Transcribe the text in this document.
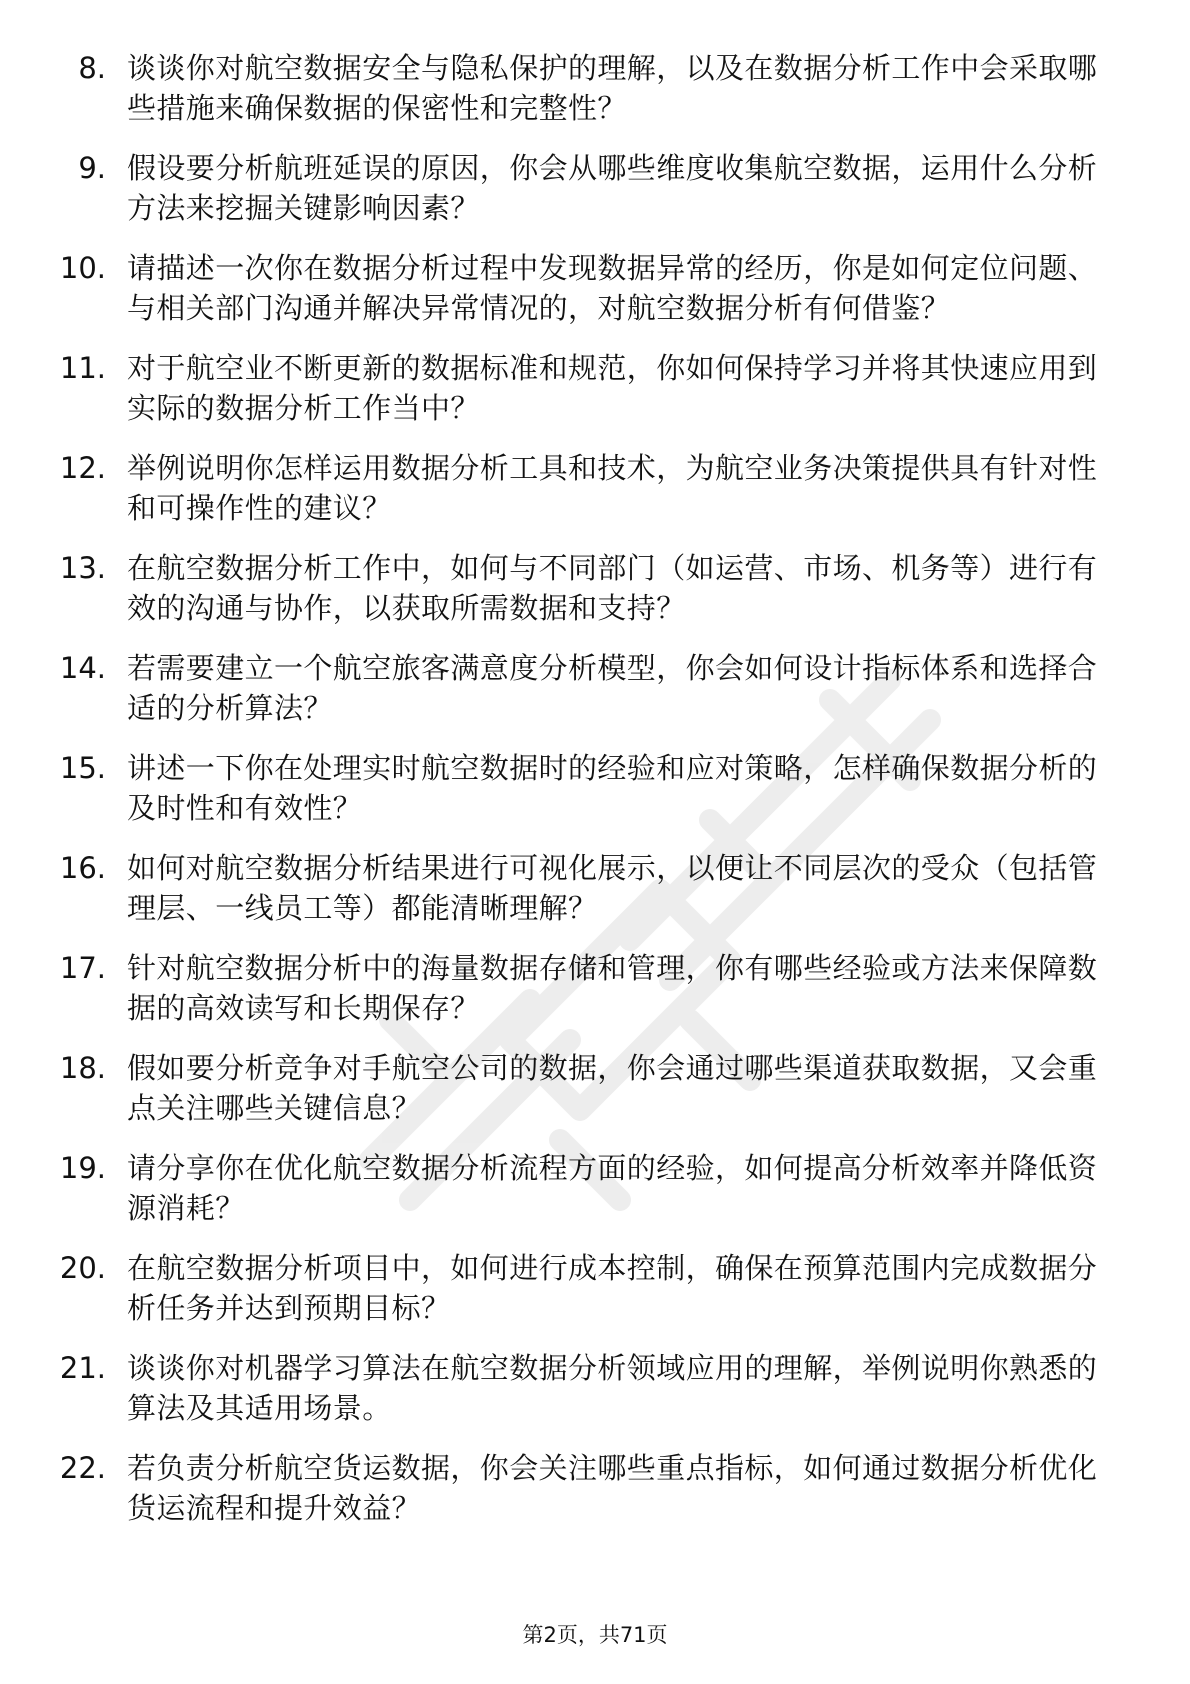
8. 谈谈你对航空数据安全与隐私保护的理解，以及在数据分析工作中会采取哪些措施来确保数据的保密性和完整性？
9. 假设要分析航班延误的原因，你会从哪些维度收集航空数据，运用什么分析方法来挖掘关键影响因素？
10. 请描述一次你在数据分析过程中发现数据异常的经历，你是如何定位问题、与相关部门沟通并解决异常情况的，对航空数据分析有何借鉴？
11. 对于航空业不断更新的数据标准和规范，你如何保持学习并将其快速应用到实际的数据分析工作当中？
12. 举例说明你怎样运用数据分析工具和技术，为航空业务决策提供具有针对性和可操作性的建议？
13. 在航空数据分析工作中，如何与不同部门（如运营、市场、机务等）进行有效的沟通与协作，以获取所需数据和支持？
14. 若需要建立一个航空旅客满意度分析模型，你会如何设计指标体系和选择合适的分析算法？
15. 讲述一下你在处理实时航空数据时的经验和应对策略，怎样确保数据分析的及时性和有效性？
16. 如何对航空数据分析结果进行可视化展示，以便让不同层次的受众（包括管理层、一线员工等）都能清晰理解？
17. 针对航空数据分析中的海量数据存储和管理，你有哪些经验或方法来保障数据的高效读写和长期保存？
18. 假如要分析竞争对手航空公司的数据，你会通过哪些渠道获取数据，又会重点关注哪些关键信息？
19. 请分享你在优化航空数据分析流程方面的经验，如何提高分析效率并降低资源消耗？
20. 在航空数据分析项目中，如何进行成本控制，确保在预算范围内完成数据分析任务并达到预期目标？
21. 谈谈你对机器学习算法在航空数据分析领域应用的理解，举例说明你熟悉的算法及其适用场景。
22. 若负责分析航空货运数据，你会关注哪些重点指标，如何通过数据分析优化货运流程和提升效益？
第2页，共71页
